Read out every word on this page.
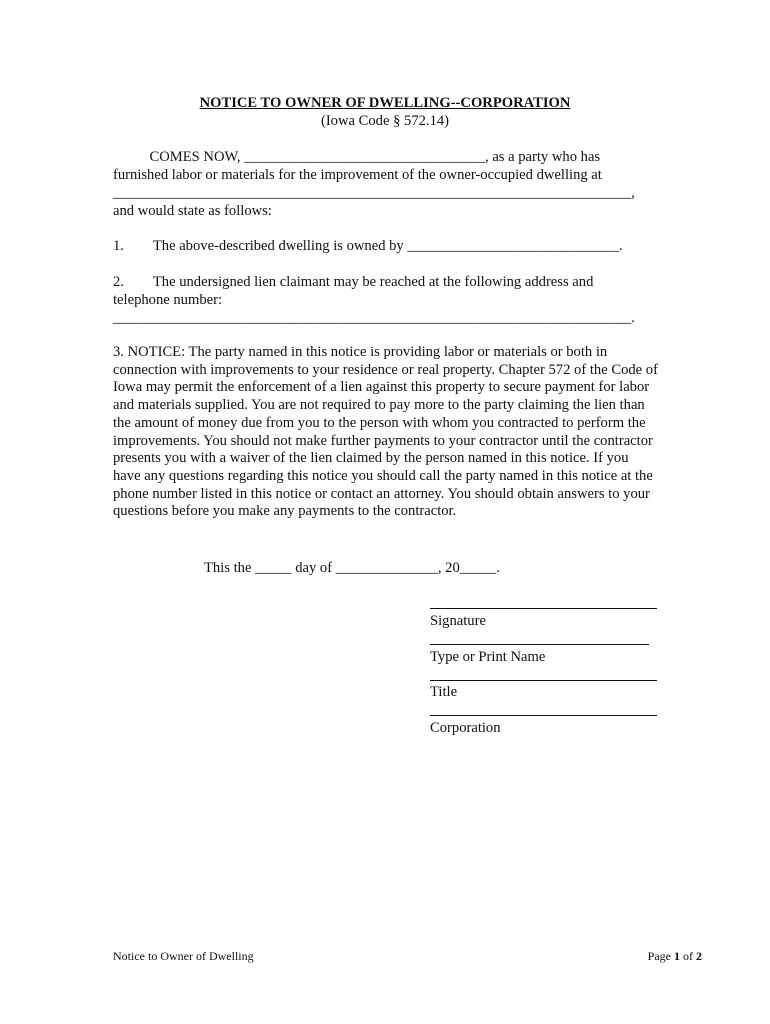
NOTICE TO OWNER OF DWELLING--CORPORATION
(Iowa Code § 572.14)
COMES NOW, _________________________________, as a party who has
furnished labor or materials for the improvement of the owner-occupied dwelling at
_______________________________________________________________________,
and would state as follows:
1.        The above-described dwelling is owned by _____________________________.
2.        The undersigned lien claimant may be reached at the following address and
telephone number:
_______________________________________________________________________.
3. NOTICE: The party named in this notice is providing labor or materials or both in connection with improvements to your residence or real property. Chapter 572 of the Code of Iowa may permit the enforcement of a lien against this property to secure payment for labor and materials supplied. You are not required to pay more to the party claiming the lien than the amount of money due from you to the person with whom you contracted to perform the improvements. You should not make further payments to your contractor until the contractor presents you with a waiver of the lien claimed by the person named in this notice. If you have any questions regarding this notice you should call the party named in this notice at the phone number listed in this notice or contact an attorney. You should obtain answers to your questions before you make any payments to the contractor.
This the _____ day of ______________, 20_____.
Signature
Type or Print Name
Title
Corporation
Notice to Owner of Dwelling	Page 1 of 2
